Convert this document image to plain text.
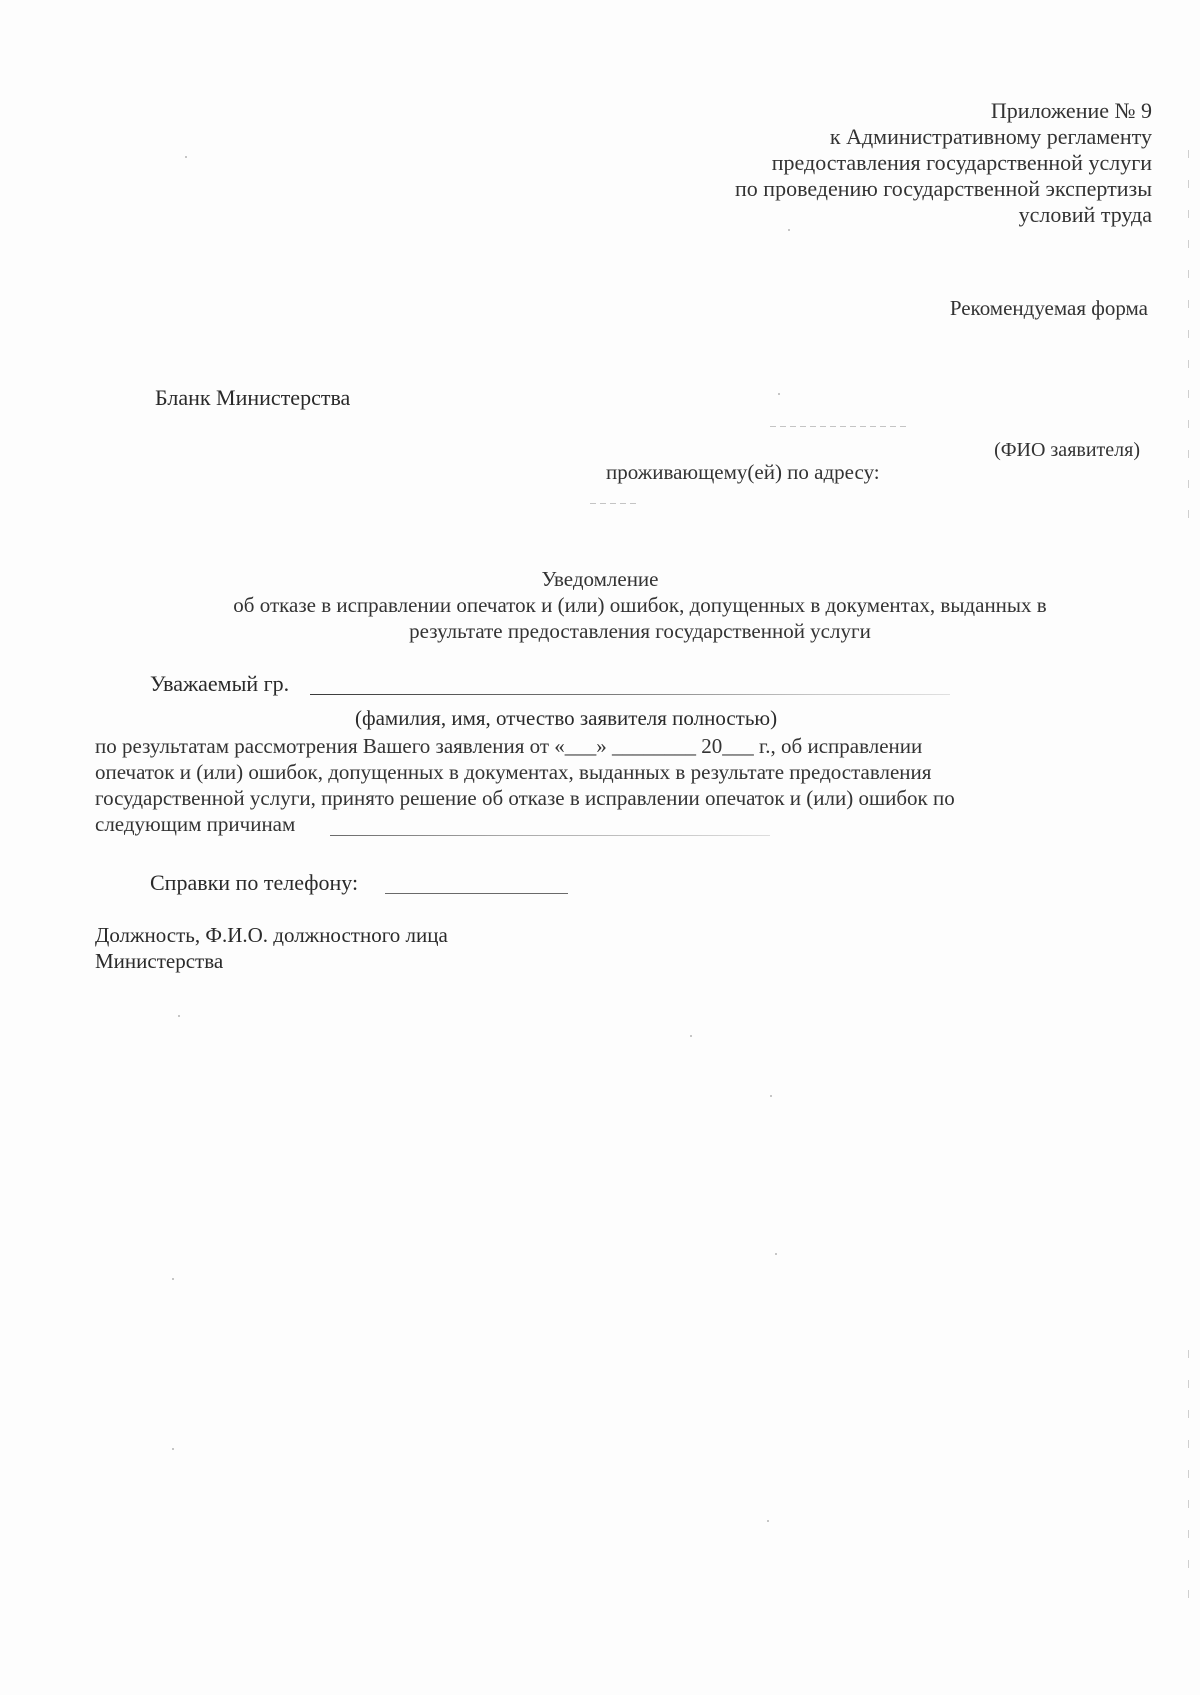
Приложение № 9
к Административному регламенту
предоставления государственной услуги
по проведению государственной экспертизы
условий труда
Рекомендуемая форма
Бланк Министерства
(ФИО заявителя)
проживающему(ей) по адресу:
Уведомление
об отказе в исправлении опечаток и (или) ошибок, допущенных в документах, выданных в
результате предоставления государственной услуги
Уважаемый гр.
(фамилия, имя, отчество заявителя полностью)
по результатам рассмотрения Вашего заявления от «___» ________ 20___ г., об исправлении
опечаток и (или) ошибок, допущенных в документах, выданных в результате предоставления
государственной услуги, принято решение об отказе в исправлении опечаток и (или) ошибок по
следующим причинам
Справки по телефону:
Должность, Ф.И.О. должностного лица
Министерства
